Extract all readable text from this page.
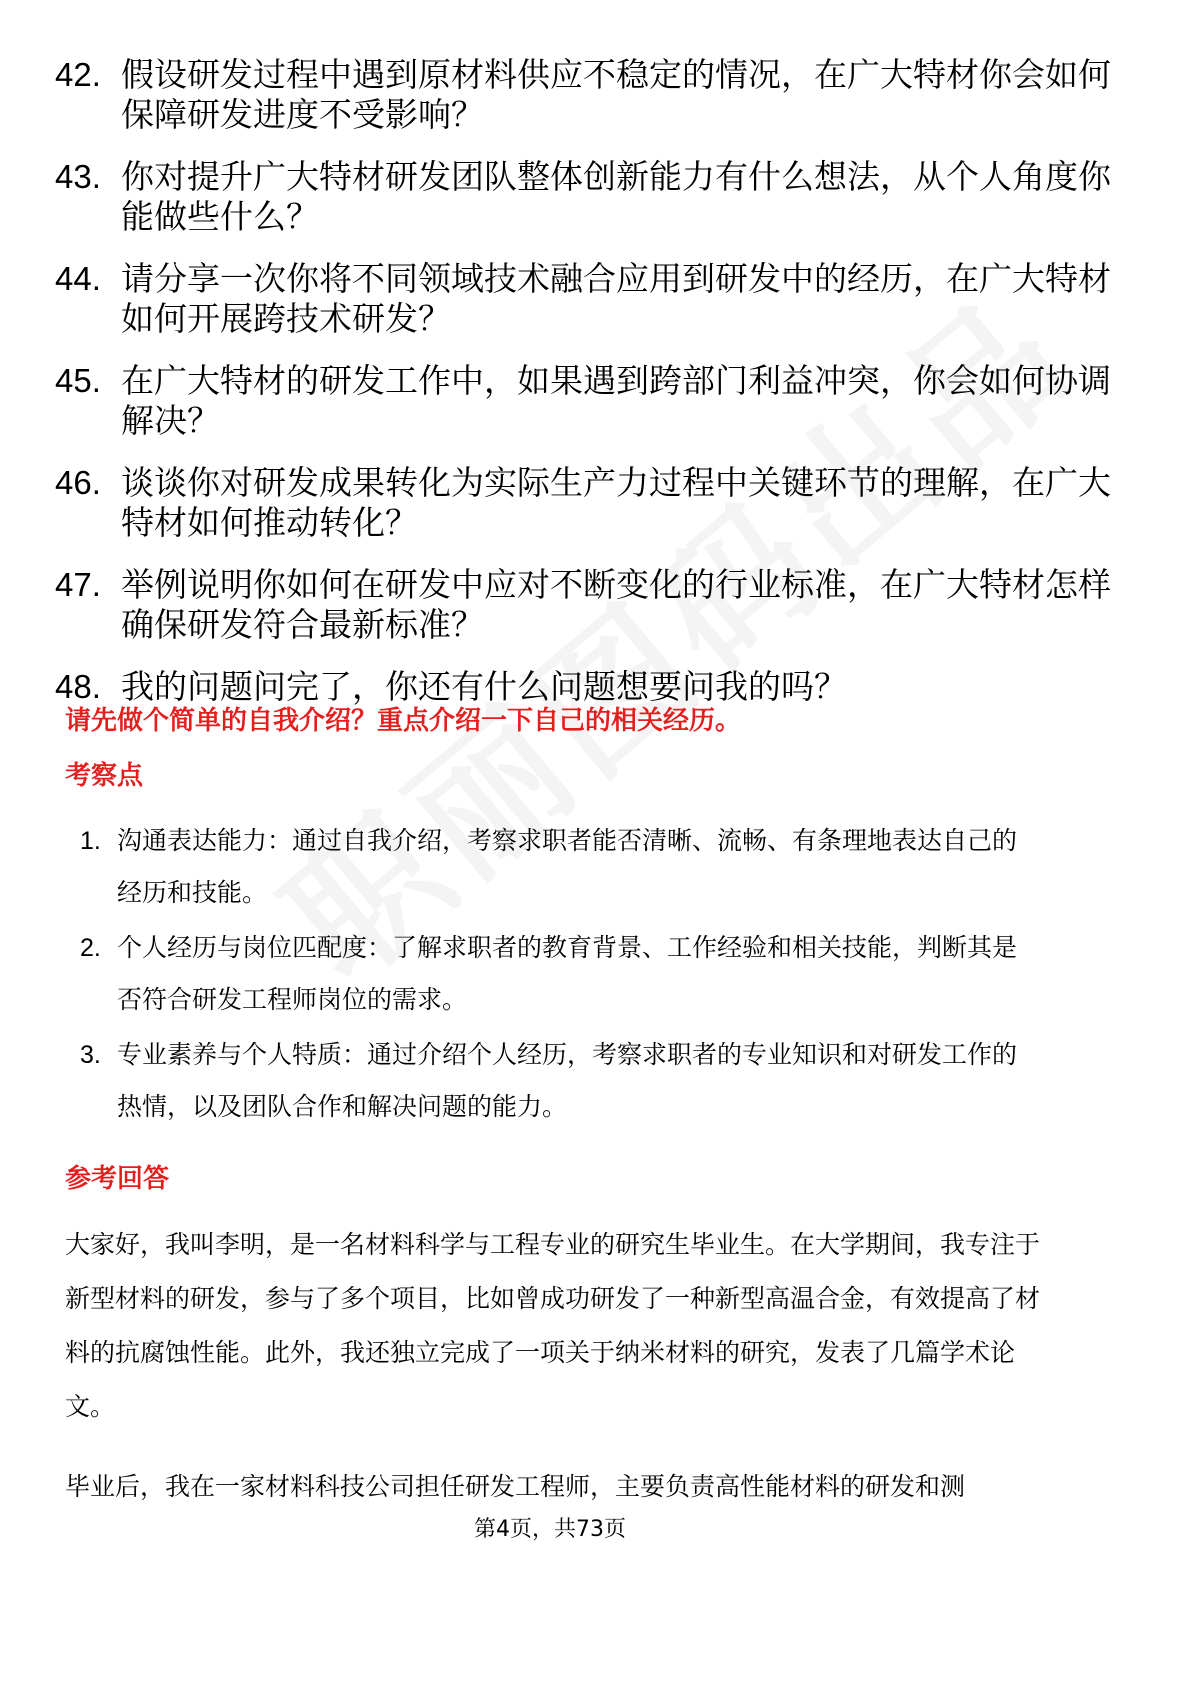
42. 假设研发过程中遇到原材料供应不稳定的情况，在广大特材你会如何保障研发进度不受影响？
43. 你对提升广大特材研发团队整体创新能力有什么想法，从个人角度你能做些什么？
44. 请分享一次你将不同领域技术融合应用到研发中的经历，在广大特材如何开展跨技术研发？
45. 在广大特材的研发工作中，如果遇到跨部门利益冲突，你会如何协调解决？
46. 谈谈你对研发成果转化为实际生产力过程中关键环节的理解，在广大特材如何推动转化？
47. 举例说明你如何在研发中应对不断变化的行业标准，在广大特材怎样确保研发符合最新标准？
48. 我的问题问完了，你还有什么问题想要问我的吗？
请先做个简单的自我介绍？重点介绍一下自己的相关经历。
考察点
1. 沟通表达能力：通过自我介绍，考察求职者能否清晰、流畅、有条理地表达自己的经历和技能。
2. 个人经历与岗位匹配度：了解求职者的教育背景、工作经验和相关技能，判断其是否符合研发工程师岗位的需求。
3. 专业素养与个人特质：通过介绍个人经历，考察求职者的专业知识和对研发工作的热情，以及团队合作和解决问题的能力。
参考回答
大家好，我叫李明，是一名材料科学与工程专业的研究生毕业生。在大学期间，我专注于新型材料的研发，参与了多个项目，比如曾成功研发了一种新型高温合金，有效提高了材料的抗腐蚀性能。此外，我还独立完成了一项关于纳米材料的研究，发表了几篇学术论文。
毕业后，我在一家材料科技公司担任研发工程师，主要负责高性能材料的研发和测
第4页，共73页
